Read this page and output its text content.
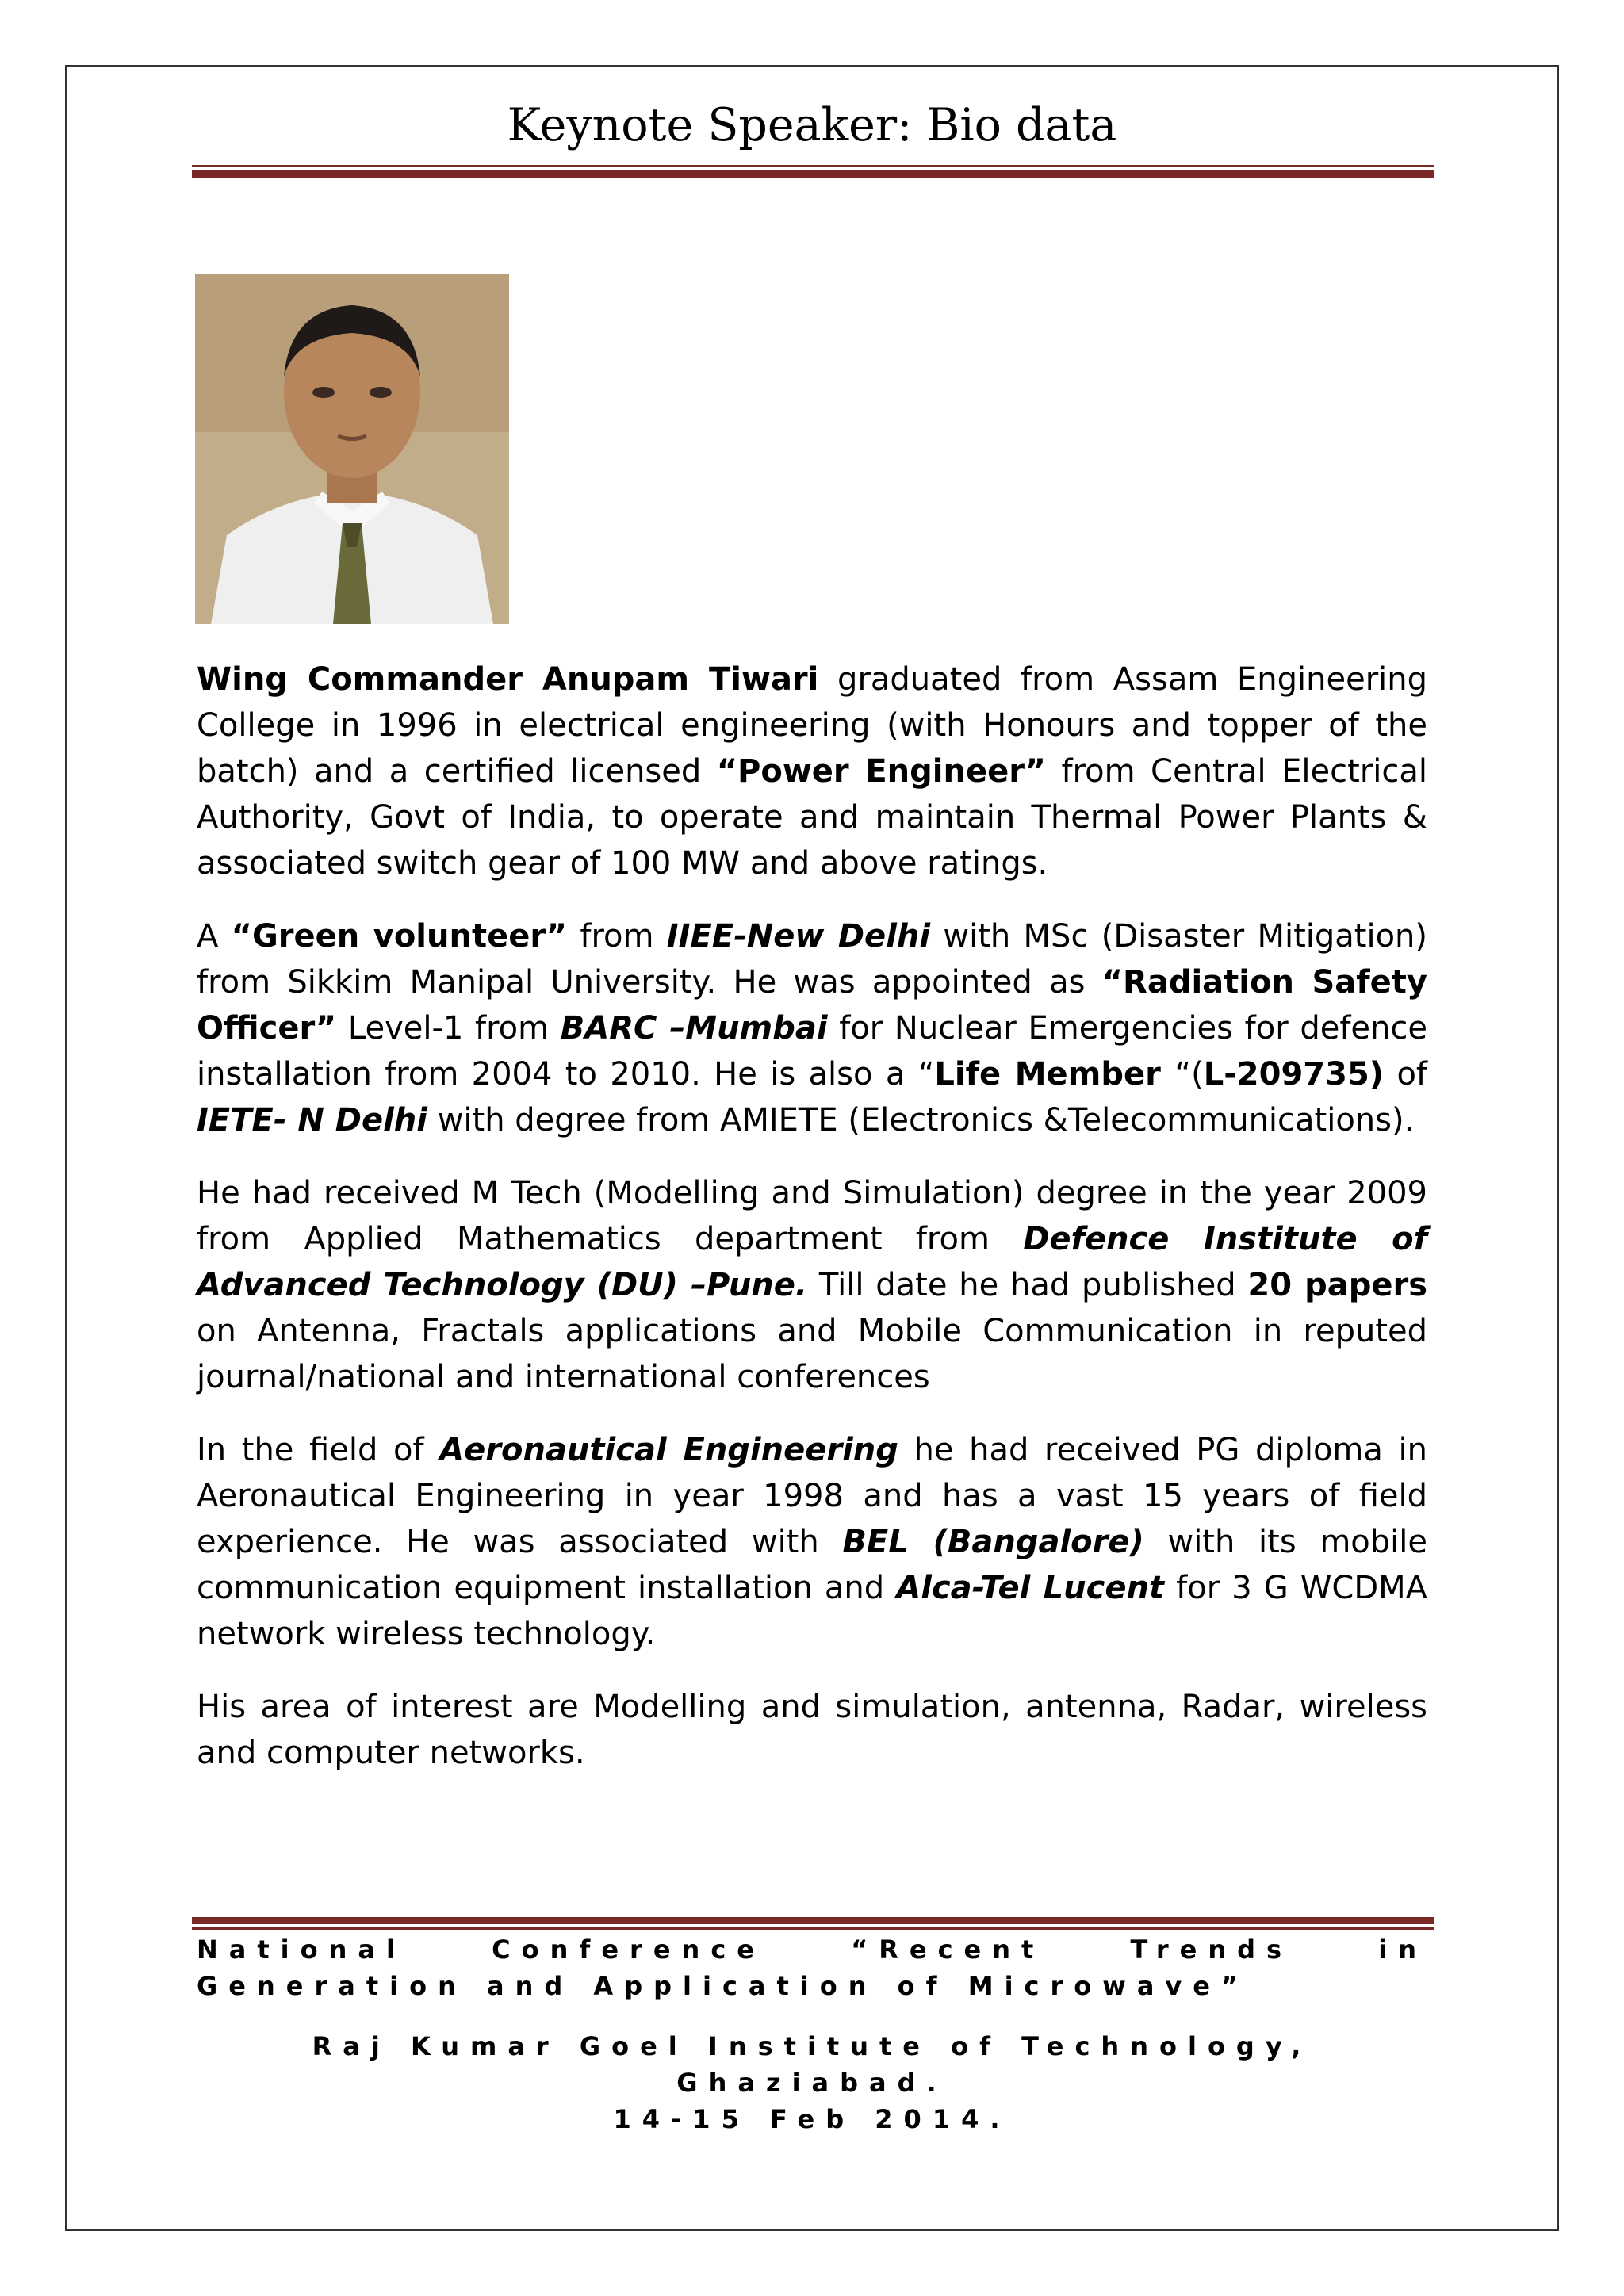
Keynote Speaker: Bio data

Wing Commander Anupam Tiwari graduated from Assam Engineering College in 1996 in electrical engineering (with Honours and topper of the batch) and a certified licensed “Power Engineer” from Central Electrical Authority, Govt of India, to operate and maintain Thermal Power Plants & associated switch gear of 100 MW and above ratings.

A “Green volunteer” from IIEE-New Delhi with MSc (Disaster Mitigation) from Sikkim Manipal University. He was appointed as “Radiation Safety Officer” Level-1 from BARC –Mumbai for Nuclear Emergencies for defence installation from 2004 to 2010. He is also a “Life Member “(L-209735) of IETE- N Delhi with degree from AMIETE (Electronics &Telecommunications).

He had received M Tech (Modelling and Simulation) degree in the year 2009 from Applied Mathematics department from Defence Institute of Advanced Technology (DU) –Pune. Till date he had published 20 papers on Antenna, Fractals applications and Mobile Communication in reputed journal/national and international conferences

In the field of Aeronautical Engineering he had received PG diploma in Aeronautical Engineering in year 1998 and has a vast 15 years of field experience. He was associated with BEL (Bangalore) with its mobile communication equipment installation and Alca-Tel Lucent for 3 G WCDMA network wireless technology.

His area of interest are Modelling and simulation, antenna, Radar, wireless and computer networks.

National Conference “Recent Trends in Generation and Application of Microwave”
Raj Kumar Goel Institute of Technology, Ghaziabad.
14-15 Feb 2014.
